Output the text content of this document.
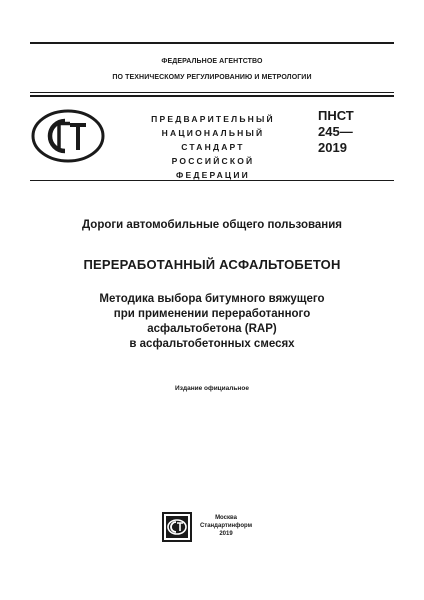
ФЕДЕРАЛЬНОЕ АГЕНТСТВО
ПО ТЕХНИЧЕСКОМУ РЕГУЛИРОВАНИЮ И МЕТРОЛОГИИ
ПРЕДВАРИТЕЛЬНЫЙ
НАЦИОНАЛЬНЫЙ
СТАНДАРТ
РОССИЙСКОЙ
ФЕДЕРАЦИИ
ПНСТ
245—
2019
Дороги автомобильные общего пользования
ПЕРЕРАБОТАННЫЙ АСФАЛЬТОБЕТОН
Методика выбора битумного вяжущего
при применении переработанного
асфальтобетона (RAP)
в асфальтобетонных смесях
Издание официальное
Москва
Стандартинформ
2019
